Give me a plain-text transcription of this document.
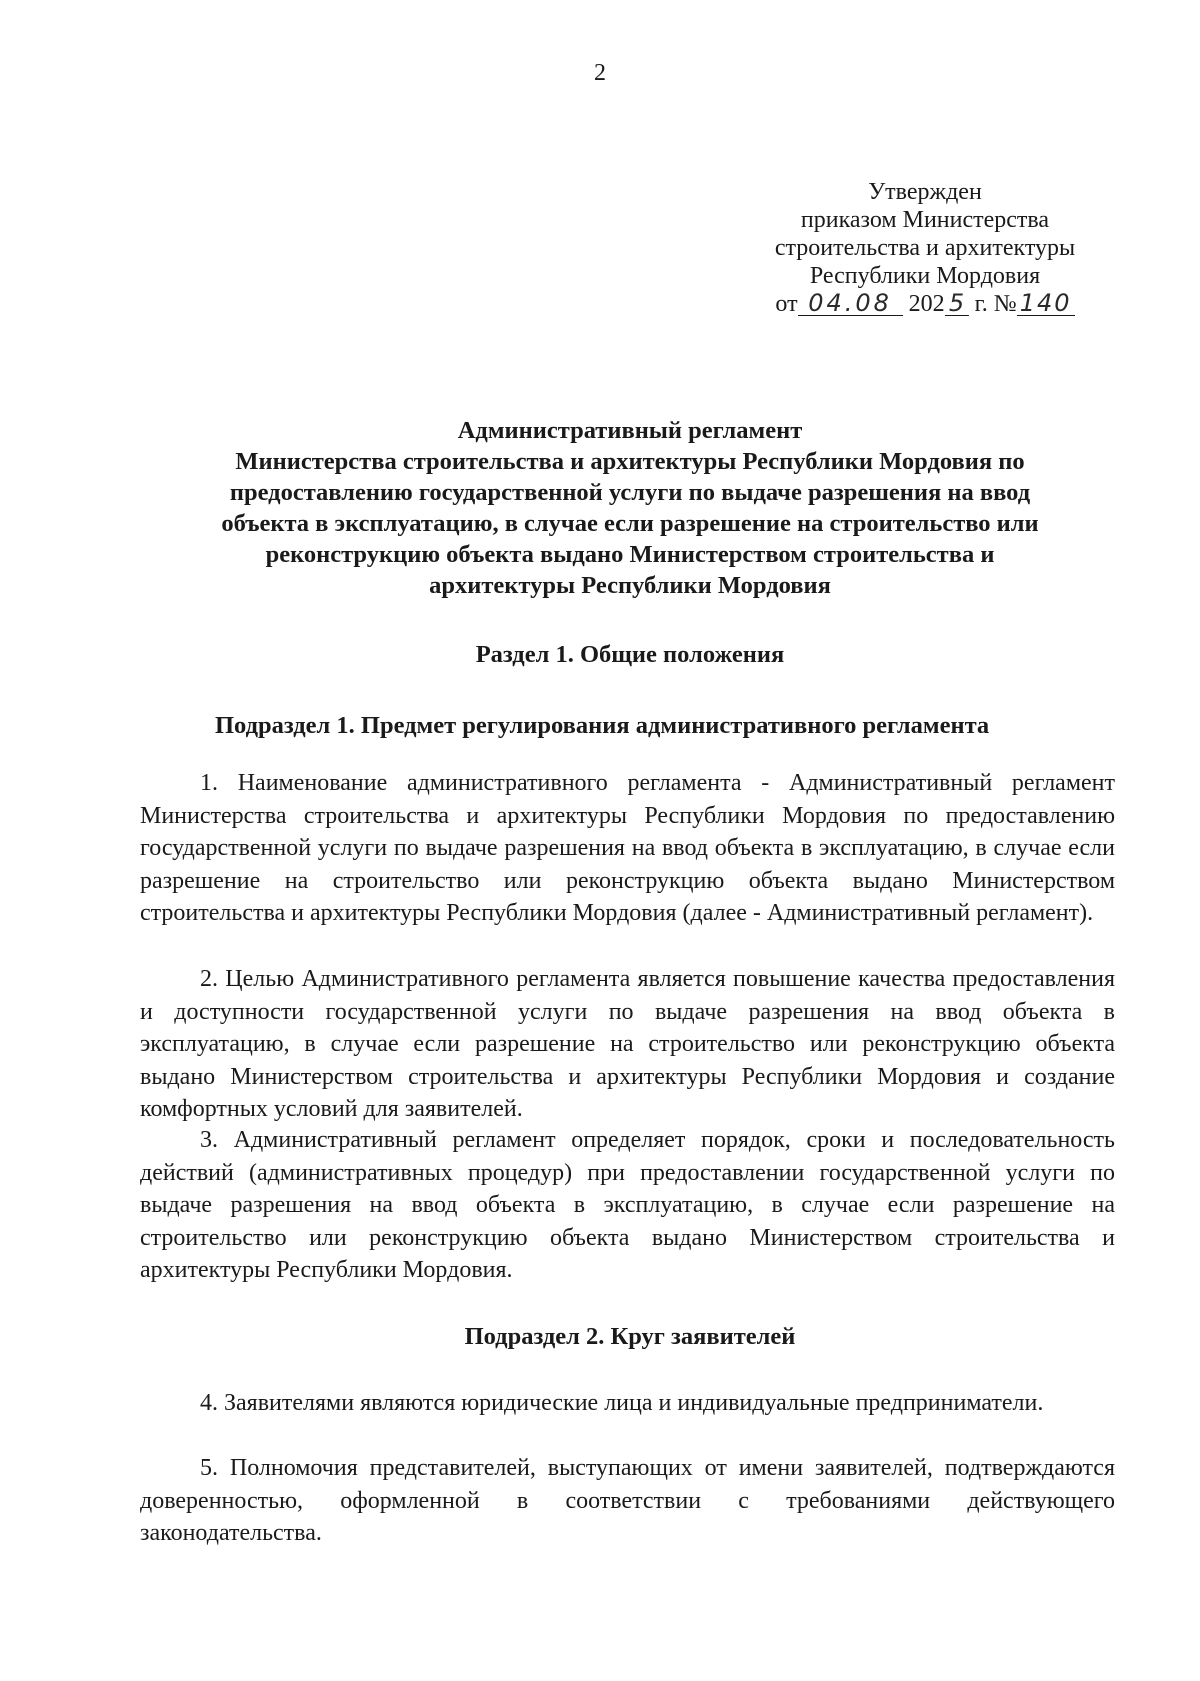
2
Утвержден
приказом Министерства
строительства и архитектуры
Республики Мордовия
от 04.08 202 5 г. № 140
Административный регламент
Министерства строительства и архитектуры Республики Мордовия по
предоставлению государственной услуги по выдаче разрешения на ввод
объекта в эксплуатацию, в случае если разрешение на строительство или
реконструкцию объекта выдано Министерством строительства и
архитектуры Республики Мордовия
Раздел 1. Общие положения
Подраздел 1. Предмет регулирования административного регламента
1. Наименование административного регламента - Административный регламент Министерства строительства и архитектуры Республики Мордовия по предоставлению государственной услуги по выдаче разрешения на ввод объекта в эксплуатацию, в случае если разрешение на строительство или реконструкцию объекта выдано Министерством строительства и архитектуры Республики Мордовия (далее - Административный регламент).
2. Целью Административного регламента является повышение качества предоставления и доступности государственной услуги по выдаче разрешения на ввод объекта в эксплуатацию, в случае если разрешение на строительство или реконструкцию объекта выдано Министерством строительства и архитектуры Республики Мордовия и создание комфортных условий для заявителей.
3. Административный регламент определяет порядок, сроки и последовательность действий (административных процедур) при предоставлении государственной услуги по выдаче разрешения на ввод объекта в эксплуатацию, в случае если разрешение на строительство или реконструкцию объекта выдано Министерством строительства и архитектуры Республики Мордовия.
Подраздел 2. Круг заявителей
4. Заявителями являются юридические лица и индивидуальные предприниматели.
5. Полномочия представителей, выступающих от имени заявителей, подтверждаются доверенностью, оформленной в соответствии с требованиями действующего законодательства.
